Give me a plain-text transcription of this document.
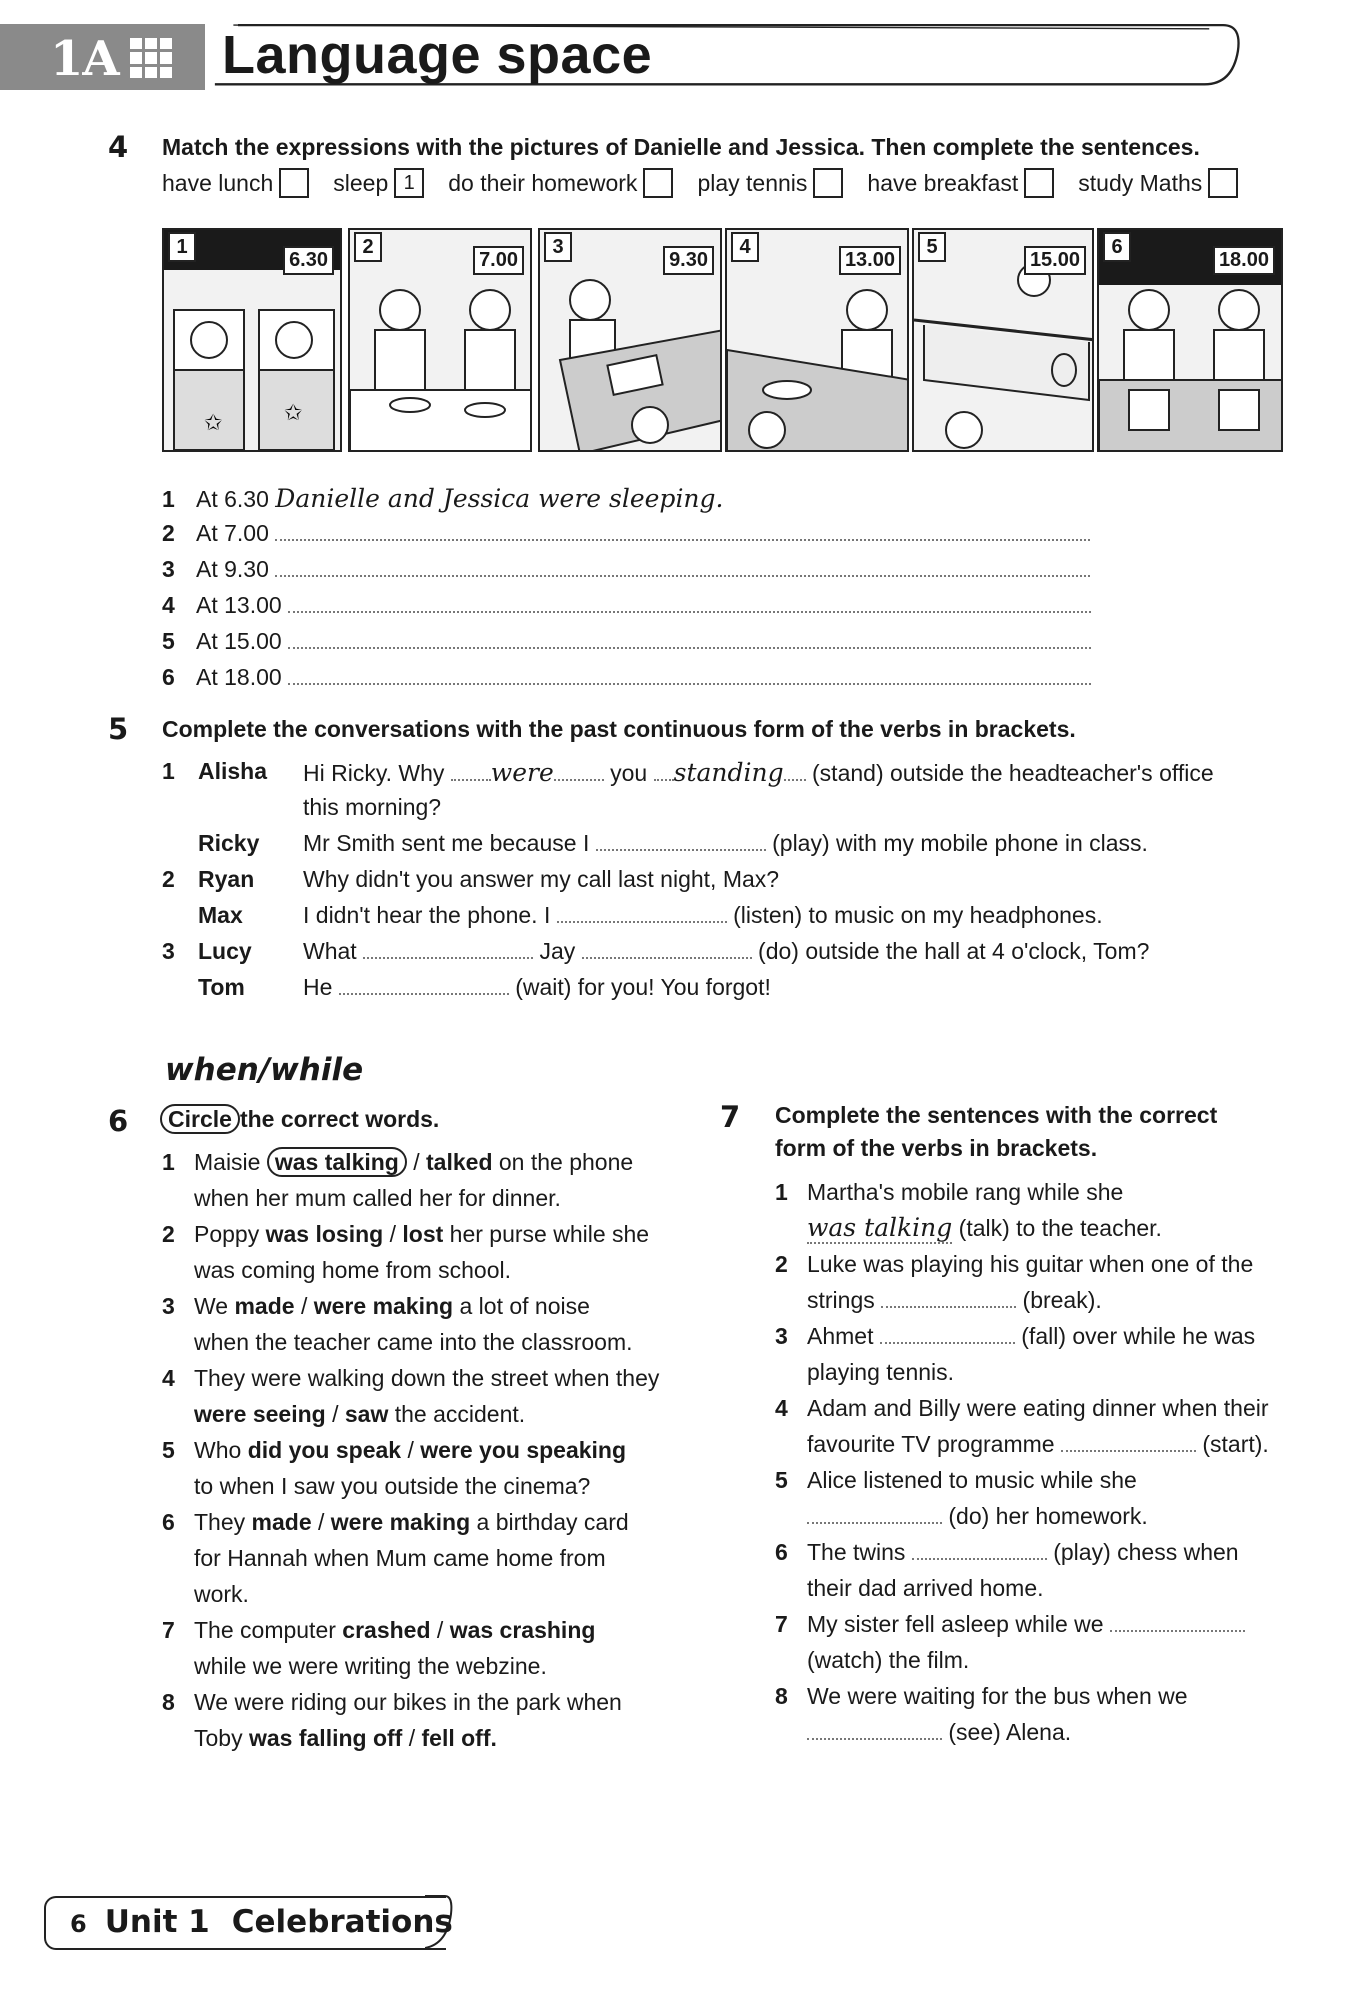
1A Language space
4 Match the expressions with the pictures of Danielle and Jessica. Then complete the sentences.
have lunch	sleep 1	do their homework	play tennis	have breakfast	study Maths
✩	✩
1
6.30
2
7.00
3
9.30
4
13.00
5
15.00
6
18.00
1 At 6.30
Danielle and Jessica were sleeping.
2 At 7.00

3 At 9.30

4 At 13.00

5 At 15.00

6 At 18.00

5 Complete the conversations with the past continuous form of the verbs in brackets.
1 Alisha Hi Ricky. Why were you standing (stand) outside the headteacher's office
this morning?
Ricky Mr Smith sent me because I	(play) with my mobile phone in class.
2 Ryan Why didn't you answer my call last night, Max?
Max	I didn't hear the phone. I	(listen) to music on my headphones.
3 Lucy What	Jay	(do) outside the hall at 4 o'clock, Tom?
Tom	He	(wait) for you! You forgot!
when/while
6	Circle the correct words.
1 Maisie was talking / talked on the phone
when her mum called her for dinner.
2 Poppy was losing / lost her purse while she
was coming home from school.
3 We made / were making a lot of noise
when the teacher came into the classroom.
4 They were walking down the street when they
were seeing / saw the accident.
5 Who did you speak / were you speaking
to when I saw you outside the cinema?
6 They made / were making a birthday card
for Hannah when Mum came home from
work.
7 The computer crashed / was crashing
while we were writing the webzine.
8 We were riding our bikes in the park when
Toby was falling off / fell off.
7 Complete the sentences with the correct
form of the verbs in brackets.
1 Martha's mobile rang while she
was talking (talk) to the teacher.
2 Luke was playing his guitar when one of the
strings	(break).
3 Ahmet	(fall) over while he was
playing tennis.
4 Adam and Billy were eating dinner when their
favourite TV programme	(start).
5 Alice listened to music while she
(do) her homework.
6 The twins	(play) chess when
their dad arrived home.
7 My sister fell asleep while we
(watch) the film.
8 We were waiting for the bus when we
(see) Alena.
6 Unit 1 Celebrations
